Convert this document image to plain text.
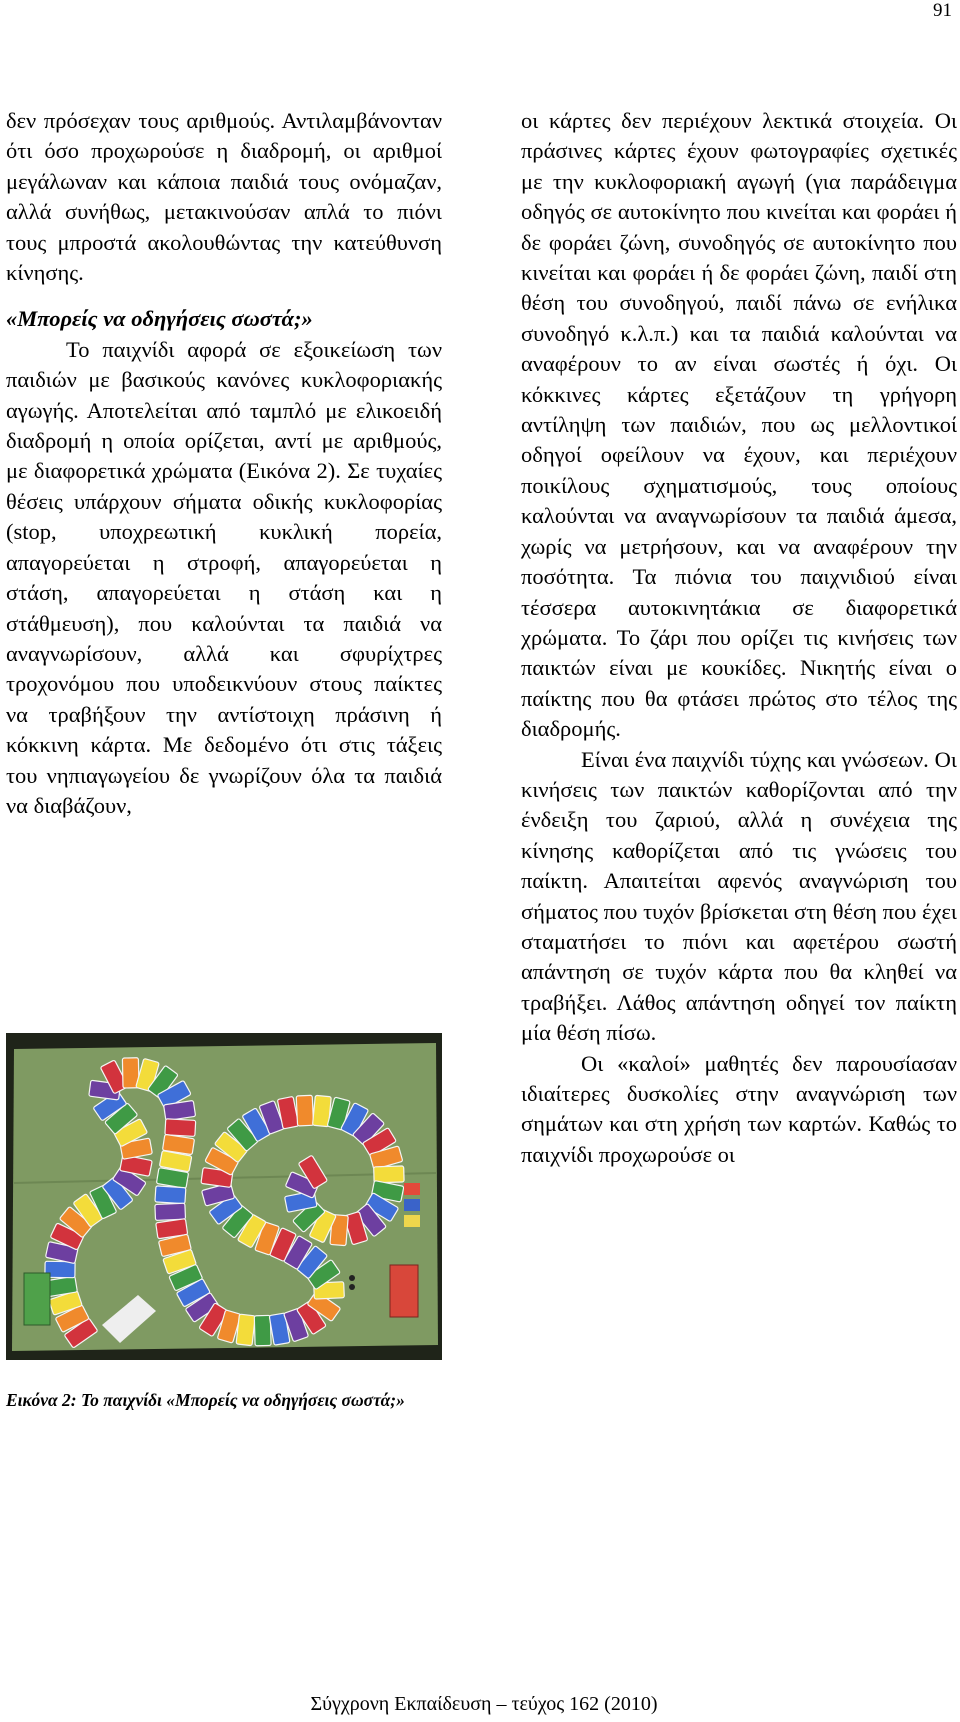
91

δεν πρόσεχαν τους αριθμούς. Αντιλαμβάνονταν ότι όσο προχωρούσε η διαδρομή, οι αριθμοί μεγάλωναν και κάποια παιδιά τους ονόμαζαν, αλλά συνήθως, μετακινούσαν απλά το πιόνι τους μπροστά ακολουθώντας την κατεύθυνση κίνησης.

«Μπορείς να οδηγήσεις σωστά;»

Το παιχνίδι αφορά σε εξοικείωση των παιδιών με βασικούς κανόνες κυκλοφοριακής αγωγής. Αποτελείται από ταμπλό με ελικοειδή διαδρομή η οποία ορίζεται, αντί με αριθμούς, με διαφορετικά χρώματα (Εικόνα 2). Σε τυχαίες θέσεις υπάρχουν σήματα οδικής κυκλοφορίας (stop, υποχρεωτική κυκλική πορεία, απαγορεύεται η στροφή, απαγορεύεται η στάση, απαγορεύεται η στάση και η στάθμευση), που καλούνται τα παιδιά να αναγνωρίσουν, αλλά και σφυρίχτρες τροχονόμου που υποδεικνύουν στους παίκτες να τραβήξουν την αντίστοιχη πράσινη ή κόκκινη κάρτα. Με δεδομένο ότι στις τάξεις του νηπιαγωγείου δε γνωρίζουν όλα τα παιδιά να διαβάζουν,

Εικόνα 2: Το παιχνίδι «Μπορείς να οδηγήσεις σωστά;»

οι κάρτες δεν περιέχουν λεκτικά στοιχεία. Οι πράσινες κάρτες έχουν φωτογραφίες σχετικές με την κυκλοφοριακή αγωγή (για παράδειγμα οδηγός σε αυτοκίνητο που κινείται και φοράει ή δε φοράει ζώνη, συνοδηγός σε αυτοκίνητο που κινείται και φοράει ή δε φοράει ζώνη, παιδί στη θέση του συνοδηγού, παιδί πάνω σε ενήλικα συνοδηγό κ.λ.π.) και τα παιδιά καλούνται να αναφέρουν το αν είναι σωστές ή όχι. Οι κόκκινες κάρτες εξετάζουν τη γρήγορη αντίληψη των παιδιών, που ως μελλοντικοί οδηγοί οφείλουν να έχουν, και περιέχουν ποικίλους σχηματισμούς, τους οποίους καλούνται να αναγνωρίσουν τα παιδιά άμεσα, χωρίς να μετρήσουν, και να αναφέρουν την ποσότητα. Τα πιόνια του παιχνιδιού είναι τέσσερα αυτοκινητάκια σε διαφορετικά χρώματα. Το ζάρι που ορίζει τις κινήσεις των παικτών είναι με κουκίδες. Νικητής είναι ο παίκτης που θα φτάσει πρώτος στο τέλος της διαδρομής.

Είναι ένα παιχνίδι τύχης και γνώσεων. Οι κινήσεις των παικτών καθορίζονται από την ένδειξη του ζαριού, αλλά η συνέχεια της κίνησης καθορίζεται από τις γνώσεις του παίκτη. Απαιτείται αφενός αναγνώριση του σήματος που τυχόν βρίσκεται στη θέση που έχει σταματήσει το πιόνι και αφετέρου σωστή απάντηση σε τυχόν κάρτα που θα κληθεί να τραβήξει. Λάθος απάντηση οδηγεί τον παίκτη μία θέση πίσω.

Οι «καλοί» μαθητές δεν παρουσίασαν ιδιαίτερες δυσκολίες στην αναγνώριση των σημάτων και στη χρήση των καρτών. Καθώς το παιχνίδι προχωρούσε οι

Σύγχρονη Εκπαίδευση – τεύχος 162 (2010)
